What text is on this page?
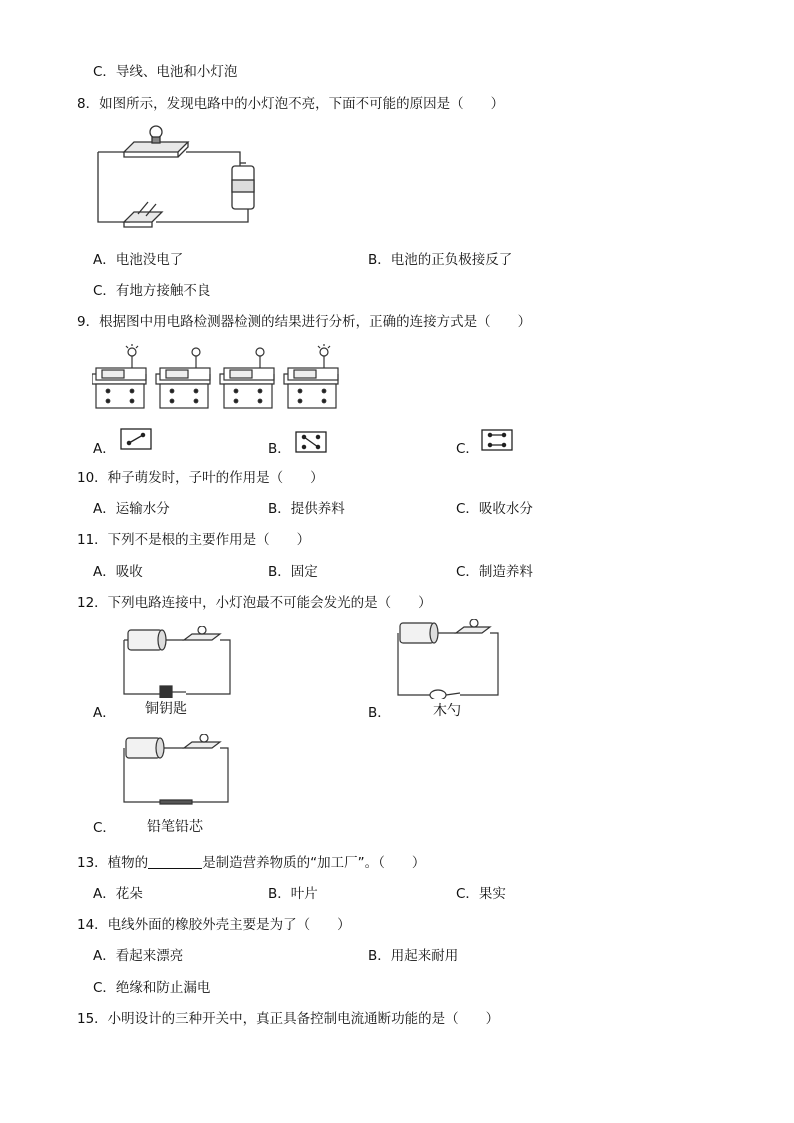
C．导线、电池和小灯泡
8．如图所示，发现电路中的小灯泡不亮，下面不可能的原因是（　　）
A．电池没电了	B．电池的正负极接反了
C．有地方接触不良
9．根据图中用电路检测器检测的结果进行分析，正确的连接方式是（　　）
A．	B．	C．
10．种子萌发时，子叶的作用是（　　）
A．运输水分	B．提供养料	C．吸收水分
11．下列不是根的主要作用是（　　）
A．吸收	B．固定	C．制造养料
12．下列电路连接中，小灯泡最不可能会发光的是（　　）
A． 铜钥匙	B．	木勺
C． 铅笔铅芯
13．植物的	是制造营养物质的“加工厂”。（　　）
A．花朵	B．叶片	C．果实
14．电线外面的橡胶外壳主要是为了（　　）
A．看起来漂亮	B．用起来耐用
C．绝缘和防止漏电
15．小明设计的三种开关中，真正具备控制电流通断功能的是（　　）
